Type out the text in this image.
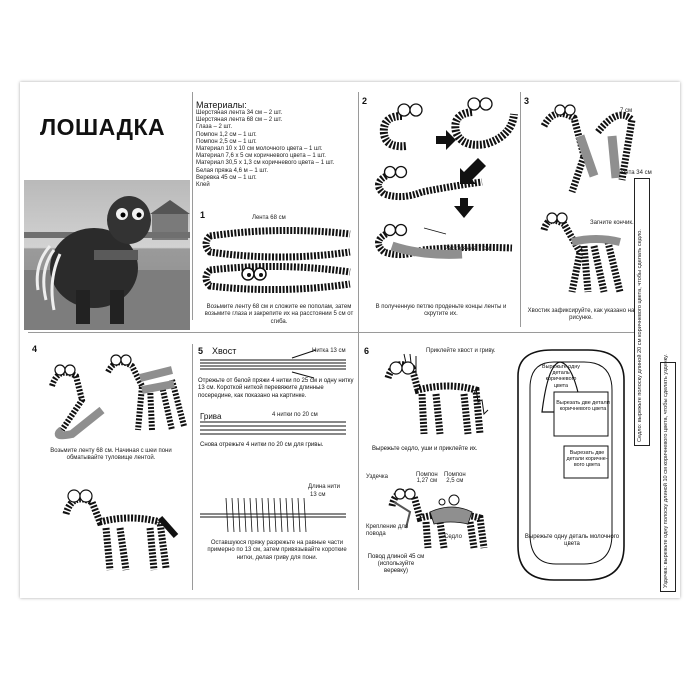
ЛОШАДКА
Материалы:
Шерстяная лента 34 см – 2 шт.
Шерстяная лента 68 см – 2 шт.
Глаза – 2 шт.
Помпон 1,2 см – 1 шт.
Помпон 2,5 см – 1 шт.
Материал 10 х 10 см молочного цвета – 1 шт.
Материал 7,6 х 5 см коричневого цвета – 1 шт.
Материал 30,5 х 1,3 см коричневого цвета – 1 шт.
Белая пряжа 4,6 м – 1 шт.
Веревка 45 см – 1 шт.
Клей
1	Лента 68 см
Возьмите ленту 68 см и сложите ее пополам, затем возьмите глаза и закрепите их на расстоянии 5 см от сгиба.
2
Расстояние 7 см
В полученную петлю проденьте концы ленты и скрутите их.
3
7 см
Лента 34 см
Загните кончик.
Хвостик зафиксируйте, как указано на рисунке.
4
Возьмите ленту 68 см. Начиная с шеи пони обматывайте туловище лентой.
5 Хвост	Нитка 13 см
Отрежьте от белой пряжи 4 нитки по 25 см и одну нитку 13 см. Короткой ниткой перевяжите длинные посередине, как показано на картинке.
Грива	4 нитки по 20 см
Снова отрежьте 4 нитки по 20 см для гривы.
Длина нити
13 см
Оставшуюся пряжу разрежьте на равные части примерно по 13 см, затем привязывайте короткие нитки, делая гриву для пони.
6	Приклейте хвост и гриву.
Вырежьте седло, уши и приклейте их.
Уздечка	Помпон
1,27 см
Помпон
2,5 см
Крепление для повода	Седло
Повод длиной 45 см (используйте веревку)
Вырежьте одну деталь коричневого цвета
Вырезать две детали коричневого цвета
Вырезать две детали коричне-вого цвета
Вырежьте одну деталь молочного цвета
Седло: вырежьте полоску длиной 20 см коричневого цвета, чтобы сделать седло.
Уздечка: вырежьте одну полоску длиной 10 см коричневого цвета, чтобы сделать уздечку.
